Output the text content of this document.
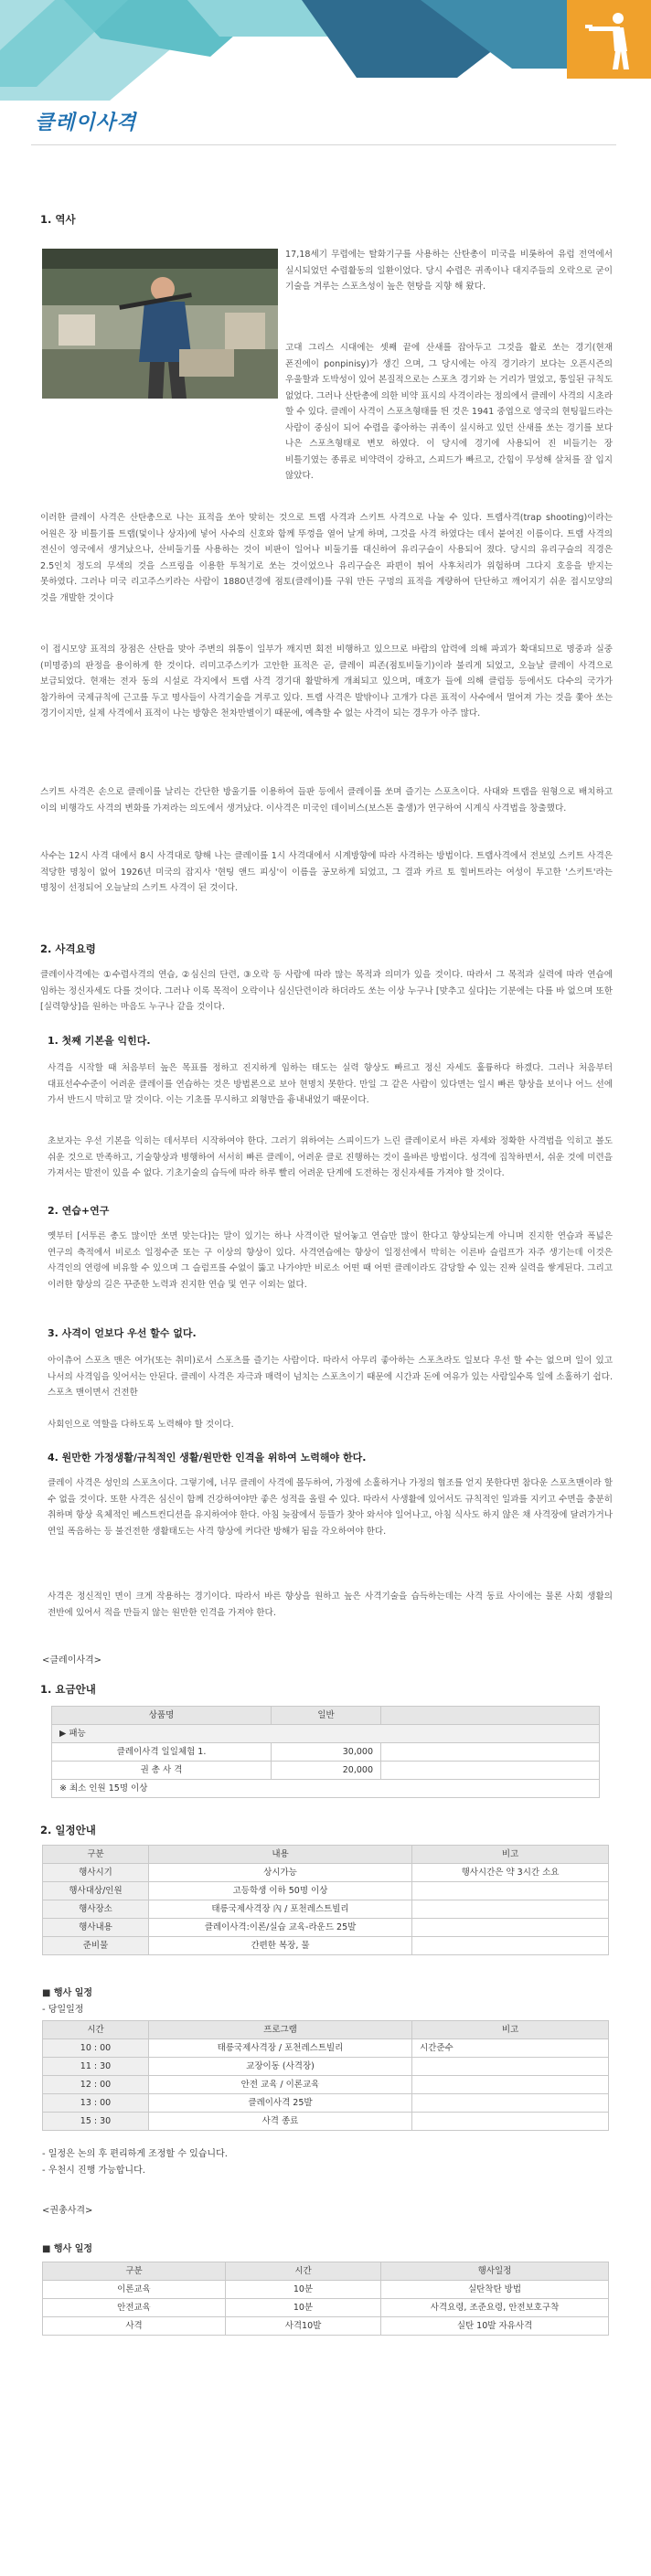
클레이사격
1. 역사
17,18세기 무렵에는 탈화기구를 사용하는 산탄총이 미국을 비롯하여 유럽 전역에서 실시되었던 수렵활동의 일환이었다. 당시 수렵은 귀족이나 대지주들의 오락으로 굳이 기술을 겨루는 스포츠성이 높은 현탕을 지향 해 왔다.
고대 그리스 시대에는 셋째 끝에 산새를 잡아두고 그것을 활로 쏘는 경기(현재 폰진에이 ponpinisy)가 생긴 으며, 그 당시에는 아직 경기라기 보다는 오픈시즌의 우울할과 도박성이 있어 본질적으로는 스포츠 경기와 는 거리가 멀었고, 통일된 규칙도 없었다. 그러나 산탄총에 의한 비약 표시의 사격이라는 정의에서 클레이 사격의 시초라 할 수 있다. 클레이 사격이 스포츠형태를 띈 것은 1941 중엽으로 영국의 현팅월드라는 사람이 중심이 되어 수렵을 좋아하는 귀족이 실시하고 있던 산새를 쏘는 경기를 보다 나은 스포츠형태로 변모 하였다. 이 당시에 경기에 사용되어 진 비들기는 장 비틀기였는 종류로 비약력이 강하고, 스피드가 빠르고, 간힘이 무성해 살처를 잘 입지 않았다.
이러한 클레이 사격은 산탄총으로 나는 표적을 쏘아 맞히는 것으로 트랩 사격과 스키트 사격으로 나눌 수 있다. 트랩사격(trap shooting)이라는 어원은 장 비틀기를 트랩(덫이나 상자)에 넣어 사수의 신호와 함께 뚜껑을 열어 날게 하며, 그것을 사격 하였다는 데서 붙여진 이름이다. 트랩 사격의 전신이 영국에서 생겨났으나, 산비둘기를 사용하는 것이 비판이 일어나 비둘기를 대신하여 유리구슬이 사용되어 졌다. 당시의 유리구슬의 직경은 2.5인치 정도의 무색의 것을 스프링을 이용한 투척기로 쏘는 것이었으나 유리구슬은 파편이 튀어 사후처리가 위험하며 그다지 호응을 받지는 못하였다. 그러나 미국 리고주스키라는 사람이 1880년경에 점토(클레이)를 구워 만든 구멍의 표적을 계량하여 단단하고 깨어지기 쉬운 접시모양의 것을 개발한 것이다
이 접시모양 표적의 장점은 산탄을 맞아 주변의 위통이 일부가 깨지면 회전 비행하고 있으므로 바람의 압력에 의해 파괴가 확대되므로 명중과 실중(미명중)의 판정을 용이하게 한 것이다. 리미고주스키가 고안한 표적은 곧, 클레이 피존(점토비둘기)이라 불리게 되었고, 오늘날 클레이 사격으로 보급되었다. 현재는 전자 동의 시설로 각지에서 트랩 사격 경기대 활발하게 개최되고 있으며, 매호가 들에 의해 클럽등 등에서도 다수의 국가가 참가하여 국제규칙에 근고를 두고 명사들이 사격기술을 겨루고 있다. 트랩 사격은 발밖이나 고개가 다른 표적이 사수에서 멀어져 가는 것을 쫓아 쏘는 경기이지만, 실제 사격에서 표적이 나는 방향은 천차만별이기 때문에, 예측할 수 없는 사격이 되는 경우가 아주 많다.
스키트 사격은 손으로 클레이를 날리는 간단한 방울기를 이용하여 들판 등에서 클레이를 쏘며 즐기는 스포츠이다. 사대와 트랩을 원형으로 배치하고 이의 비행각도 사격의 변화를 가져라는 의도에서 생겨났다. 이사격은 미국인 데이비스(보스톤 출생)가 연구하여 시계식 사격법을 창출했다.
사수는 12시 사격 대에서 8시 사격대로 향해 나는 클레이를 1시 사격대에서 시계방향에 따라 사격하는 방법이다. 트랩사격에서 전보있 스키트 사격은 적당한 명칭이 없어 1926년 미국의 잡지사 '현팅 앤드 피싱'이 이름을 공모하게 되었고, 그 결과 카르 토 힐버트라는 여성이 투고한 '스키트'라는 명칭이 선정되어 오늘날의 스키트 사격이 된 것이다.
2. 사격요령
클레이사격에는 ①수렵사격의 연습, ②심신의 단련, ③오락 등 사람에 따라 많는 목적과 의미가 있을 것이다. 따라서 그 목적과 실력에 따라 연습에 임하는 정신자세도 다를 것이다. 그러나 이록 목적이 오락이나 심신단련이라 하더라도 쏘는 이상 누구나 [맞추고 싶다]는 기분에는 다를 바 없으며 또한 [실력향상]을 원하는 마음도 누구나 같을 것이다.
1. 첫째 기본을 익힌다.
사격을 시작할 때 처음부터 높은 목표를 정하고 진지하게 임하는 태도는 실력 향상도 빠르고 정신 자세도 훌륭하다 하겠다. 그러나 처음부터 대표선수수준이 어려운 클레이를 연습하는 것은 방법론으로 보아 현명치 못한다. 만일 그 같은 사람이 있다면는 일시 빠른 향상을 보이나 어느 선에 가서 반드시 막히고 말 것이다. 이는 기초를 무시하고 외형만을 흉내내었기 때문이다.
초보자는 우선 기본을 익히는 데서부터 시작하여야 한다. 그러기 위하여는 스피이드가 느린 클레이로서 바른 자세와 정확한 사격법을 익히고 볼도 쉬운 것으로 만족하고, 기술향상과 병행하여 서서히 빠른 클레이, 어려운 클로 진행하는 것이 올바른 방법이다. 성격에 집착하면서, 쉬운 것에 미련을 가져서는 발전이 있을 수 없다. 기초기술의 습득에 따라 하루 빨리 어려운 단계에 도전하는 정신자세를 가져야 할 것이다.
2. 연습+연구
옛부터 [서투른 총도 많이만 쏘면 맞는다]는 말이 있기는 하나 사격이란 덮어놓고 연습만 많이 한다고 향상되는게 아니며 진지한 연습과 폭넓은 연구의 축적에서 비로소 일정수준 또는 구 이상의 향상이 있다. 사격연습에는 향상이 일정선에서 막히는 이른바 슬럼프가 자주 생기는데 이것은 사격인의 연령에 비유할 수 있으며 그 슬럼프를 수없이 뚫고 나가야만 비로소 어떤 때 어떤 클레이라도 감당할 수 있는 진짜 실력을 쌓게된다. 그리고 이러한 향상의 길은 꾸준한 노력과 진지한 연습 및 연구 이외는 없다.
3. 사격이 얻보다 우선 할수 없다.
아이츄어 스포츠 맨은 여가(또는 취미)로서 스포츠를 즐기는 사람이다. 따라서 아무리 좋아하는 스포츠라도 일보다 우선 할 수는 없으며 일이 있고 나서의 사격임을 잊어서는 안된다. 클레이 사격은 자극과 매력이 넘치는 스포츠이기 때문에 시간과 돈에 여유가 있는 사람일수록 일에 소홀하기 쉽다. 스포츠 맨이면서 건전한
사회인으로 역할을 다하도록 노력해야 할 것이다.
4. 원만한 가정생활/규칙적인 생활/원만한 인격을 위하여 노력해야 한다.
클레이 사격은 성인의 스포츠이다. 그렇기에, 너무 클레이 사격에 몰두하여, 가정에 소홀하거나 가정의 협조를 얻지 못한다면 참다운 스포츠맨이라 할 수 없을 것이다. 또한 사격은 심신이 함께 건강하여야만 좋은 성적을 올릴 수 있다. 따라서 사생활에 있어서도 규칙적인 일과를 지키고 수면을 충분히 취하며 항상 육체적인 베스트컨디션을 유지하여야 한다. 아침 늦잠에서 등뜰가 찾아 와서야 일어나고, 아침 식사도 하지 않은 채 사격장에 달려가거나 연일 폭음하는 등 불건전한 생활태도는 사격 향상에 커다란 방해가 됨을 각오하여야 한다.
사격은 정신적인 면이 크게 작용하는 경기이다. 따라서 바른 향상을 원하고 높은 사격기술을 습득하는데는 사격 동료 사이에는 물론 사회 생활의 전반에 있어서 적을 만들지 않는 원만한 인격을 가져야 한다.
<클레이사격>
1. 요금안내
상품명	일반	
▶ 패능		
클레이사격 일일체험 1.	30,000	
권 총 사 격	20,000	
※ 최소 인원 15명 이상		
2. 일정안내
구분	내용	비고
행사시기	상시가능	행사시간은 약 3시간 소요
행사대상/인원	고등학생 이하 50명 이상	
행사장소	태릉국제사격장 內 / 포천레스트빌리	
행사내용	클레이사격:이론/실습 교육-라운드 25발	
준비물	간편한 복장, 물	
■ 행사 일정
- 당일일정
시간	프로그램	비고
10 : 00	태릉국제사격장 / 포천레스트빌리	시간준수
11 : 30	교장이동 (사격장)	
12 : 00	안전 교육 / 이론교육	
13 : 00	클레이사격 25발	
15 : 30	사격 종료	
- 일정은 논의 후 편리하게 조정할 수 있습니다.
- 우천시 진행 가능합니다.
<권총사격>
■ 행사 일정
구분	시간	행사일정
이론교육	10분	실탄착탄 방법
안전교육	10분	사격요령, 조준요령, 안전보호구착
사격	사격10발	실탄 10발 자유사격
